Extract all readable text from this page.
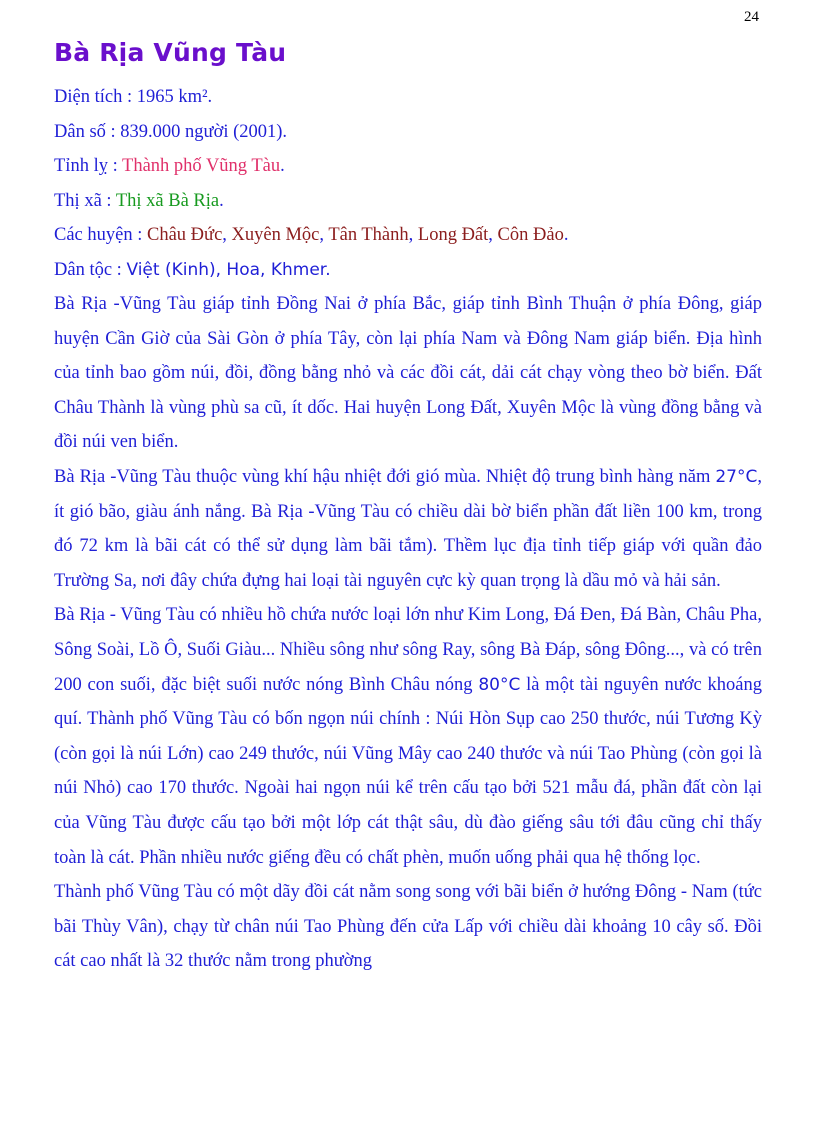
24
Bà Rịa Vũng Tàu
Diện tích : 1965 km².
Dân số : 839.000 người (2001).
Tỉnh lỵ : Thành phố Vũng Tàu.
Thị xã : Thị xã Bà Rịa.
Các huyện : Châu Đức, Xuyên Mộc, Tân Thành, Long Đất, Côn Đảo.
Dân tộc : Việt (Kinh), Hoa, Khmer.

Bà Rịa -Vũng Tàu giáp tỉnh Đồng Nai ở phía Bắc, giáp tỉnh Bình Thuận ở phía Đông, giáp huyện Cần Giờ của Sài Gòn ở phía Tây, còn lại phía Nam và Đông Nam giáp biển. Địa hình của tỉnh bao gồm núi, đồi, đồng bằng nhỏ và các đồi cát, dải cát chạy vòng theo bờ biển. Đất Châu Thành là vùng phù sa cũ, ít dốc. Hai huyện Long Đất, Xuyên Mộc là vùng đồng bằng và đồi núi ven biển.

Bà Rịa -Vũng Tàu thuộc vùng khí hậu nhiệt đới gió mùa. Nhiệt độ trung bình hàng năm 27°C, ít gió bão, giàu ánh nắng. Bà Rịa -Vũng Tàu có chiều dài bờ biển phần đất liền 100 km, trong đó 72 km là bãi cát có thể sử dụng làm bãi tắm). Thềm lục địa tỉnh tiếp giáp với quần đảo Trường Sa, nơi đây chứa đựng hai loại tài nguyên cực kỳ quan trọng là dầu mỏ và hải sản.

Bà Rịa - Vũng Tàu có nhiều hồ chứa nước loại lớn như Kim Long, Đá Đen, Đá Bàn, Châu Pha, Sông Soài, Lồ Ô, Suối Giàu... Nhiều sông như sông Ray, sông Bà Đáp, sông Đông..., và có trên 200 con suối, đặc biệt suối nước nóng Bình Châu nóng 80°C là một tài nguyên nước khoáng quí. Thành phố Vũng Tàu có bốn ngọn núi chính : Núi Hòn Sụp cao 250 thước, núi Tương Kỳ (còn gọi là núi Lớn) cao 249 thước, núi Vũng Mây cao 240 thước và núi Tao Phùng (còn gọi là núi Nhỏ) cao 170 thước. Ngoài hai ngọn núi kể trên cấu tạo bởi 521 mẫu đá, phần đất còn lại của Vũng Tàu được cấu tạo bởi một lớp cát thật sâu, dù đào giếng sâu tới đâu cũng chỉ thấy toàn là cát. Phần nhiều nước giếng đều có chất phèn, muốn uống phải qua hệ thống lọc.

Thành phố Vũng Tàu có một dãy đồi cát nằm song song với bãi biển ở hướng Đông - Nam (tức bãi Thùy Vân), chạy từ chân núi Tao Phùng đến cửa Lấp với chiều dài khoảng 10 cây số. Đồi cát cao nhất là 32 thước nằm trong phường
